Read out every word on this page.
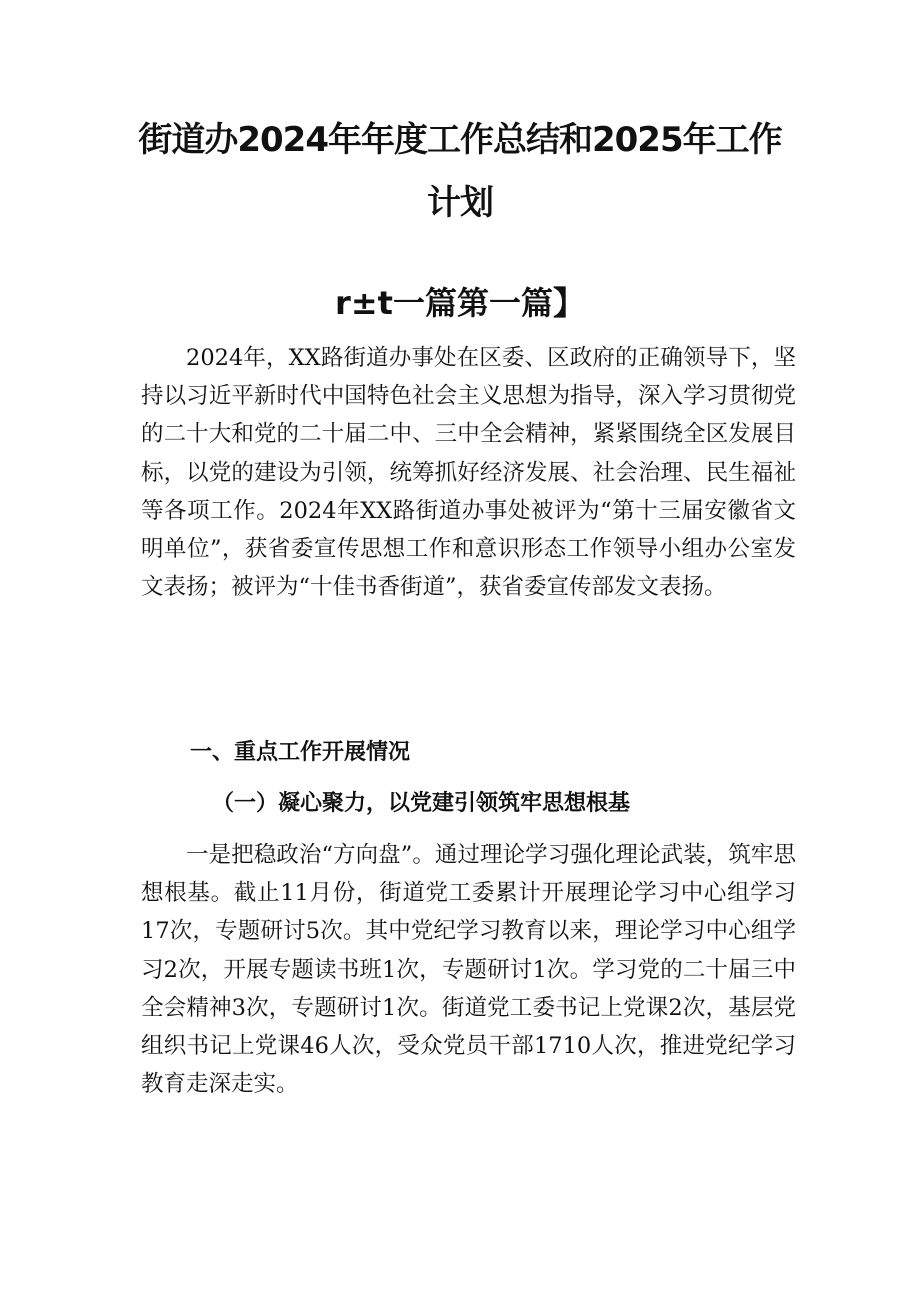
街道办2024年年度工作总结和2025年工作
计划
r±t一篇第一篇】

2024年，XX路街道办事处在区委、区政府的正确领导下，坚持以习近平新时代中国特色社会主义思想为指导，深入学习贯彻党的二十大和党的二十届二中、三中全会精神，紧紧围绕全区发展目标，以党的建设为引领，统筹抓好经济发展、社会治理、民生福祉等各项工作。2024年XX路街道办事处被评为“第十三届安徽省文明单位”，获省委宣传思想工作和意识形态工作领导小组办公室发文表扬；被评为“十佳书香街道”，获省委宣传部发文表扬。

一、重点工作开展情况
（一）凝心聚力，以党建引领筑牢思想根基

一是把稳政治“方向盘”。通过理论学习强化理论武装，筑牢思想根基。截止11月份，街道党工委累计开展理论学习中心组学习17次，专题研讨5次。其中党纪学习教育以来，理论学习中心组学习2次，开展专题读书班1次，专题研讨1次。学习党的二十届三中全会精神3次，专题研讨1次。街道党工委书记上党课2次，基层党组织书记上党课46人次，受众党员干部1710人次，推进党纪学习教育走深走实。
